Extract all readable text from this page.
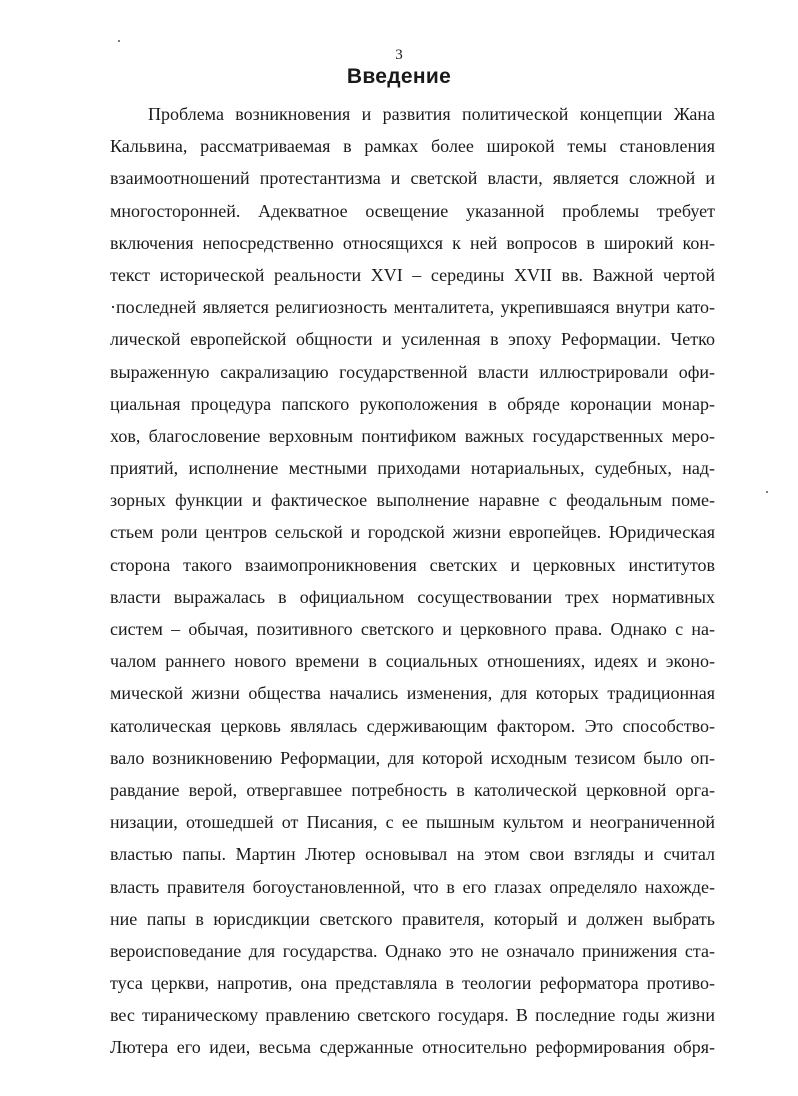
3
Введение
Проблема возникновения и развития политической концепции Жана
Кальвина, рассматриваемая в рамках более широкой темы становления
взаимоотношений протестантизма и светской власти, является сложной и
многосторонней. Адекватное освещение указанной проблемы требует
включения непосредственно относящихся к ней вопросов в широкий кон-
текст исторической реальности XVI – середины XVII вв. Важной чертой
·последней является религиозность менталитета, укрепившаяся внутри като-
лической европейской общности и усиленная в эпоху Реформации. Четко
выраженную сакрализацию государственной власти иллюстрировали офи-
циальная процедура папского рукоположения в обряде коронации монар-
хов, благословение верховным понтификом важных государственных меро-
приятий, исполнение местными приходами нотариальных, судебных, над-
зорных функции и фактическое выполнение наравне с феодальным поме-
стьем роли центров сельской и городской жизни европейцев. Юридическая
сторона такого взаимопроникновения светских и церковных институтов
власти выражалась в официальном сосуществовании трех нормативных
систем – обычая, позитивного светского и церковного права. Однако с на-
чалом раннего нового времени в социальных отношениях, идеях и эконо-
мической жизни общества начались изменения, для которых традиционная
католическая церковь являлась сдерживающим фактором. Это способство-
вало возникновению Реформации, для которой исходным тезисом было оп-
равдание верой, отвергавшее потребность в католической церковной орга-
низации, отошедшей от Писания, с ее пышным культом и неограниченной
властью папы. Мартин Лютер основывал на этом свои взгляды и считал
власть правителя богоустановленной, что в его глазах определяло нахожде-
ние папы в юрисдикции светского правителя, который и должен выбрать
вероисповедание для государства. Однако это не означало принижения ста-
туса церкви, напротив, она представляла в теологии реформатора противо-
вес тираническому правлению светского государя. В последние годы жизни
Лютера его идеи, весьма сдержанные относительно реформирования обря-
